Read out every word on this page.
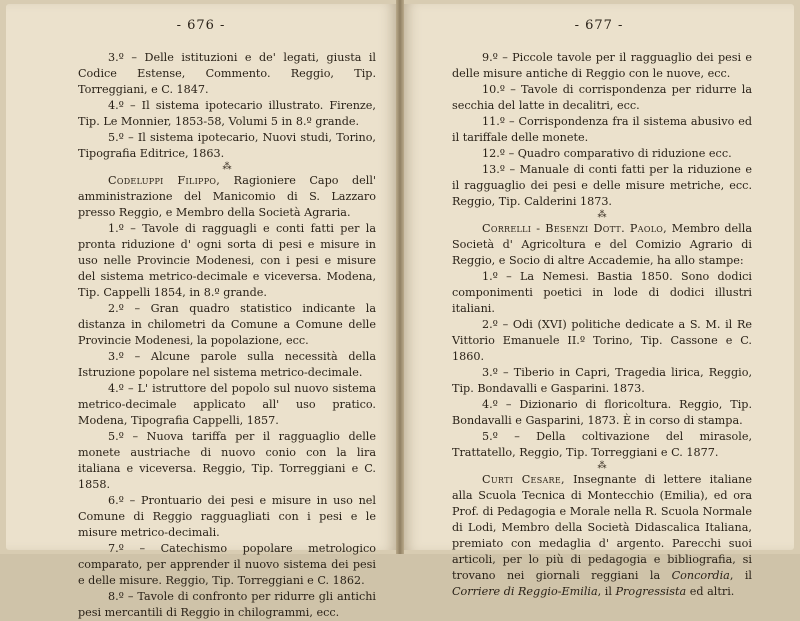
- 676 -

3.º – Delle istituzioni e de' legati, giusta il Codice Estense, Commento. Reggio, Tip. Torreggiani, e C. 1847.

4.º – Il sistema ipotecario illustrato. Firenze, Tip. Le Monnier, 1853-58, Volumi 5 in 8.º grande.

5.º – Il sistema ipotecario, Nuovi studi, Torino, Tipografia Editrice, 1863.

⁂

Codeluppi Filippo, Ragioniere Capo dell' amministrazione del Manicomio di S. Lazzaro presso Reggio, e Membro della Società Agraria.

1.º – Tavole di ragguagli e conti fatti per la pronta riduzione d' ogni sorta di pesi e misure in uso nelle Provincie Modenesi, con i pesi e misure del sistema metrico-decimale e viceversa. Modena, Tip. Cappelli 1854, in 8.º grande.

2.º – Gran quadro statistico indicante la distanza in chilometri da Comune a Comune delle Provincie Modenesi, la popolazione, ecc.

3.º – Alcune parole sulla necessità della Istruzione popolare nel sistema metrico-decimale.

4.º – L' istruttore del popolo sul nuovo sistema metrico-decimale applicato all' uso pratico. Modena, Tipografia Cappelli, 1857.

5.º – Nuova tariffa per il ragguaglio delle monete austriache di nuovo conio con la lira italiana e viceversa. Reggio, Tip. Torreggiani e C. 1858.

6.º – Prontuario dei pesi e misure in uso nel Comune di Reggio ragguagliati con i pesi e le misure metrico-decimali.

7.º – Catechismo popolare metrologico comparato, per apprender il nuovo sistema dei pesi e delle misure. Reggio, Tip. Torreggiani e C. 1862.

8.º – Tavole di confronto per ridurre gli antichi pesi mercantili di Reggio in chilogrammi, ecc.

- 677 -

9.º – Piccole tavole per il ragguaglio dei pesi e delle misure antiche di Reggio con le nuove, ecc.

10.º – Tavole di corrispondenza per ridurre la secchia del latte in decalitri, ecc.

11.º – Corrispondenza fra il sistema abusivo ed il tariffale delle monete.

12.º – Quadro comparativo di riduzione ecc.

13.º – Manuale di conti fatti per la riduzione e il ragguaglio dei pesi e delle misure metriche, ecc. Reggio, Tip. Calderini 1873.

⁂

Correlli - Besenzi Dott. Paolo, Membro della Società d' Agricoltura e del Comizio Agrario di Reggio, e Socio di altre Accademie, ha allo stampe:

1.º – La Nemesi. Bastia 1850. Sono dodici componimenti poetici in lode di dodici illustri italiani.

2.º – Odi (XVI) politiche dedicate a S. M. il Re Vittorio Emanuele II.º Torino, Tip. Cassone e C. 1860.

3.º – Tiberio in Capri, Tragedia lirica, Reggio, Tip. Bondavalli e Gasparini. 1873.

4.º – Dizionario di floricoltura. Reggio, Tip. Bondavalli e Gasparini, 1873. È in corso di stampa.

5.º – Della coltivazione del mirasole, Trattatello, Reggio, Tip. Torreggiani e C. 1877.

⁂

Curti Cesare, Insegnante di lettere italiane alla Scuola Tecnica di Montecchio (Emilia), ed ora Prof. di Pedagogia e Morale nella R. Scuola Normale di Lodi, Membro della Società Didascalica Italiana, premiato con medaglia d' argento. Parecchi suoi articoli, per lo più di pedagogia e bibliografia, si trovano nei giornali reggiani la Concordia, il Corriere di Reggio-Emilia, il Progressista ed altri.
